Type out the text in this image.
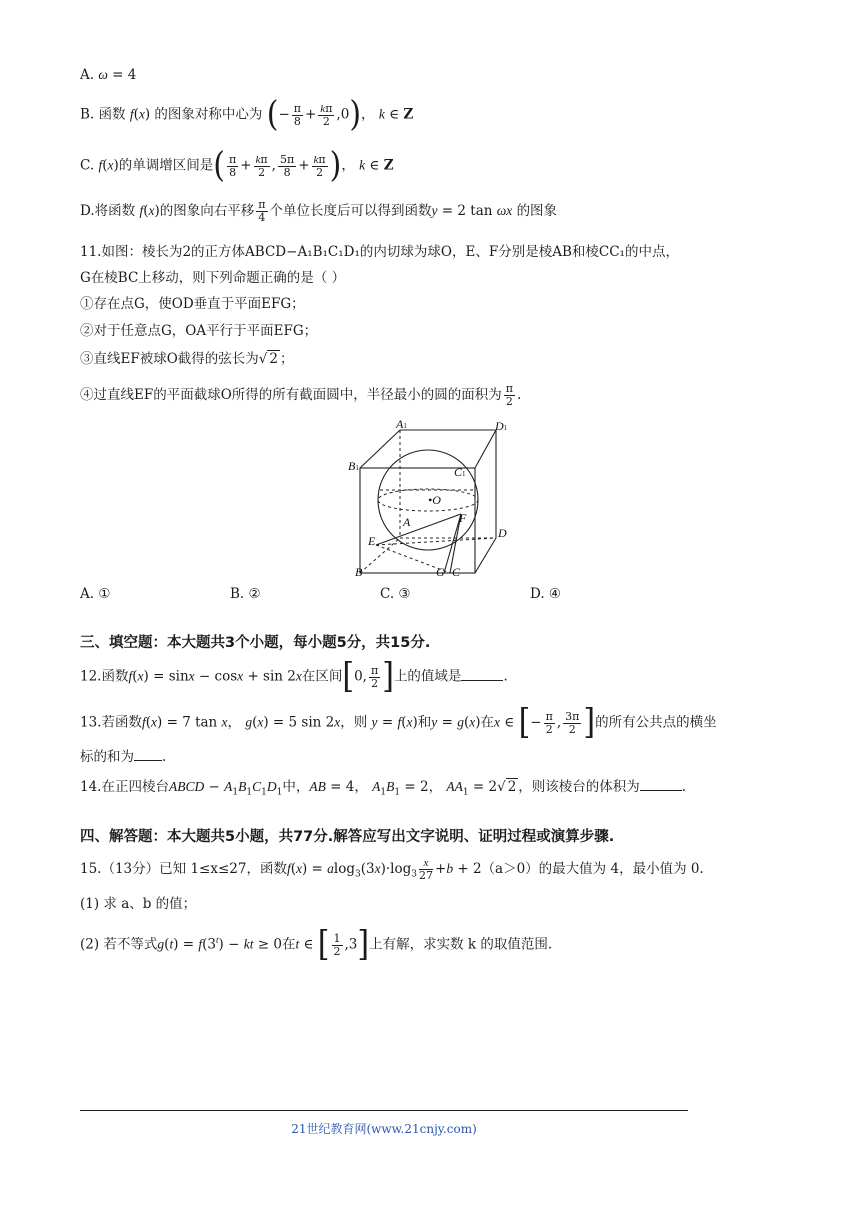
A. ω = 4
B. 函数 f(x) 的图象对称中心为 (− $\frac{\pi}{8} + \frac{k\pi}{2} ,0$)， k ∈ Z
C. f(x)的单调增区间是( $\frac{\pi}{8} + \frac{k\pi}{2}$ , $\frac{5\pi}{8} + \frac{k\pi}{2}$ )， k ∈ Z
D.将函数 f(x)的图象向右平移 $\frac{\pi}{4}$ 个单位长度后可以得到函数y = 2 tan ωx 的图象
11.如图：棱长为2的正方体ABCD−A₁B₁C₁D₁的内切球为球O，E、F分别是棱AB和棱CC₁的中点，
G在棱BC上移动，则下列命题正确的是（ ）
①存在点G，使OD垂直于平面EFG；
②对于任意点G，OA平行于平面EFG；
③直线EF被球O截得的弦长为√ 2 ；
④过直线EF的平面截球O所得的所有截面圆中，半径最小的圆的面积为 $\frac{\pi}{2}$ .
A1	D1
B1	C1
•O
A	F
D
E
B	G C
A. ①	B. ②	C. ③	D. ④
三、填空题：本大题共3个小题，每小题5分，共15分.
12.函数f(x) = sinx − cosx + sin 2x在区间[0, $\frac{\pi}{2}$ ]上的值域是	.
13.若函数f(x) = 7 tan x， g(x) = 5 sin 2x，则 y = f(x)和y = g(x)在x ∈ [− $\frac{\pi}{2}$ , $\frac{3\pi}{2}$ ]的所有公共点的横坐
标的和为 .
14.在正四棱台ABCD − $A_1B_1C_1D_1$中，AB = 4， $A_1B_1 = 2$， $AA_1 = 2√$ 2 ，则该棱台的体积为	.
四、解答题：本大题共5小题，共77分.解答应写出文字说明、证明过程或演算步骤.
15.（13分）已知 1≤x≤27，函数$f(x) = alog_3(3x)\cdot\log_3 \frac{x}{27} +b + 2(a>0)$的最大值为 4，最小值为 0.
(1) 求 a、b 的值；
(2) 若不等式$g(t) = f(3^t)$ − kt ≥ 0在t ∈ [ $\frac{1}{2} ,3$]上有解，求实数 k 的取值范围.
21世纪教育网(www.21cnjy.com)
